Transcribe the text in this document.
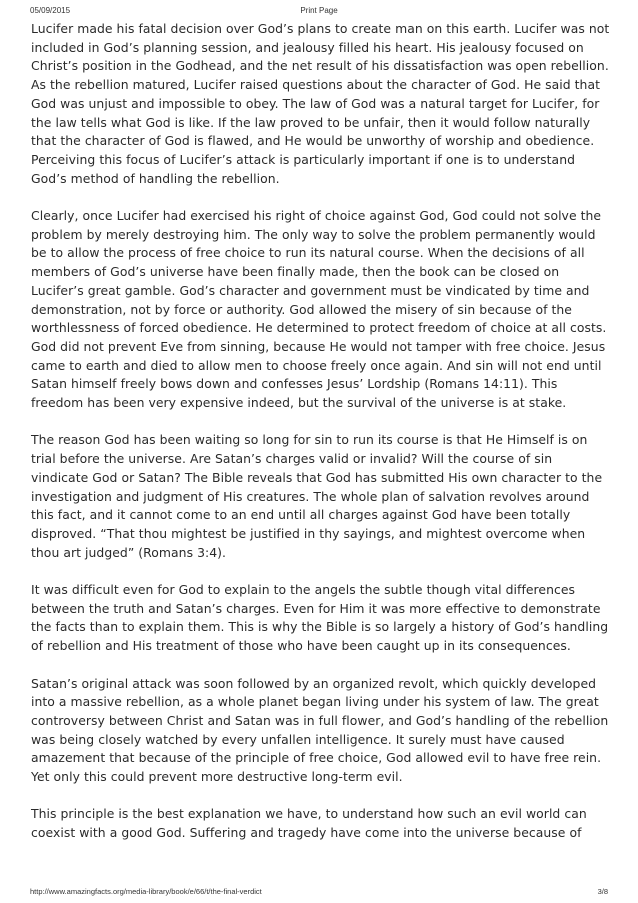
05/09/2015	Print Page

Lucifer made his fatal decision over God’s plans to create man on this earth. Lucifer was not included in God’s planning session, and jealousy filled his heart. His jealousy focused on Christ’s position in the Godhead, and the net result of his dissatisfaction was open rebellion. As the rebellion matured, Lucifer raised questions about the character of God. He said that God was unjust and impossible to obey. The law of God was a natural target for Lucifer, for the law tells what God is like. If the law proved to be unfair, then it would follow naturally that the character of God is flawed, and He would be unworthy of worship and obedience. Perceiving this focus of Lucifer’s attack is particularly important if one is to understand God’s method of handling the rebellion.

Clearly, once Lucifer had exercised his right of choice against God, God could not solve the problem by merely destroying him. The only way to solve the problem permanently would be to allow the process of free choice to run its natural course. When the decisions of all members of God’s universe have been finally made, then the book can be closed on Lucifer’s great gamble. God’s character and government must be vindicated by time and demonstration, not by force or authority. God allowed the misery of sin because of the worthlessness of forced obedience. He determined to protect freedom of choice at all costs. God did not prevent Eve from sinning, because He would not tamper with free choice. Jesus came to earth and died to allow men to choose freely once again. And sin will not end until Satan himself freely bows down and confesses Jesus’ Lordship (Romans 14:11). This freedom has been very expensive indeed, but the survival of the universe is at stake.

The reason God has been waiting so long for sin to run its course is that He Himself is on trial before the universe. Are Satan’s charges valid or invalid? Will the course of sin vindicate God or Satan? The Bible reveals that God has submitted His own character to the investigation and judgment of His creatures. The whole plan of salvation revolves around this fact, and it cannot come to an end until all charges against God have been totally disproved. “That thou mightest be justified in thy sayings, and mightest overcome when thou art judged” (Romans 3:4).

It was difficult even for God to explain to the angels the subtle though vital differences between the truth and Satan’s charges. Even for Him it was more effective to demonstrate the facts than to explain them. This is why the Bible is so largely a history of God’s handling of rebellion and His treatment of those who have been caught up in its consequences.

Satan’s original attack was soon followed by an organized revolt, which quickly developed into a massive rebellion, as a whole planet began living under his system of law. The great controversy between Christ and Satan was in full flower, and God’s handling of the rebellion was being closely watched by every unfallen intelligence. It surely must have caused amazement that because of the principle of free choice, God allowed evil to have free rein. Yet only this could prevent more destructive long-term evil.

This principle is the best explanation we have, to understand how such an evil world can coexist with a good God. Suffering and tragedy have come into the universe because of

http://www.amazingfacts.org/media-library/book/e/66/t/the-final-verdict	3/8
